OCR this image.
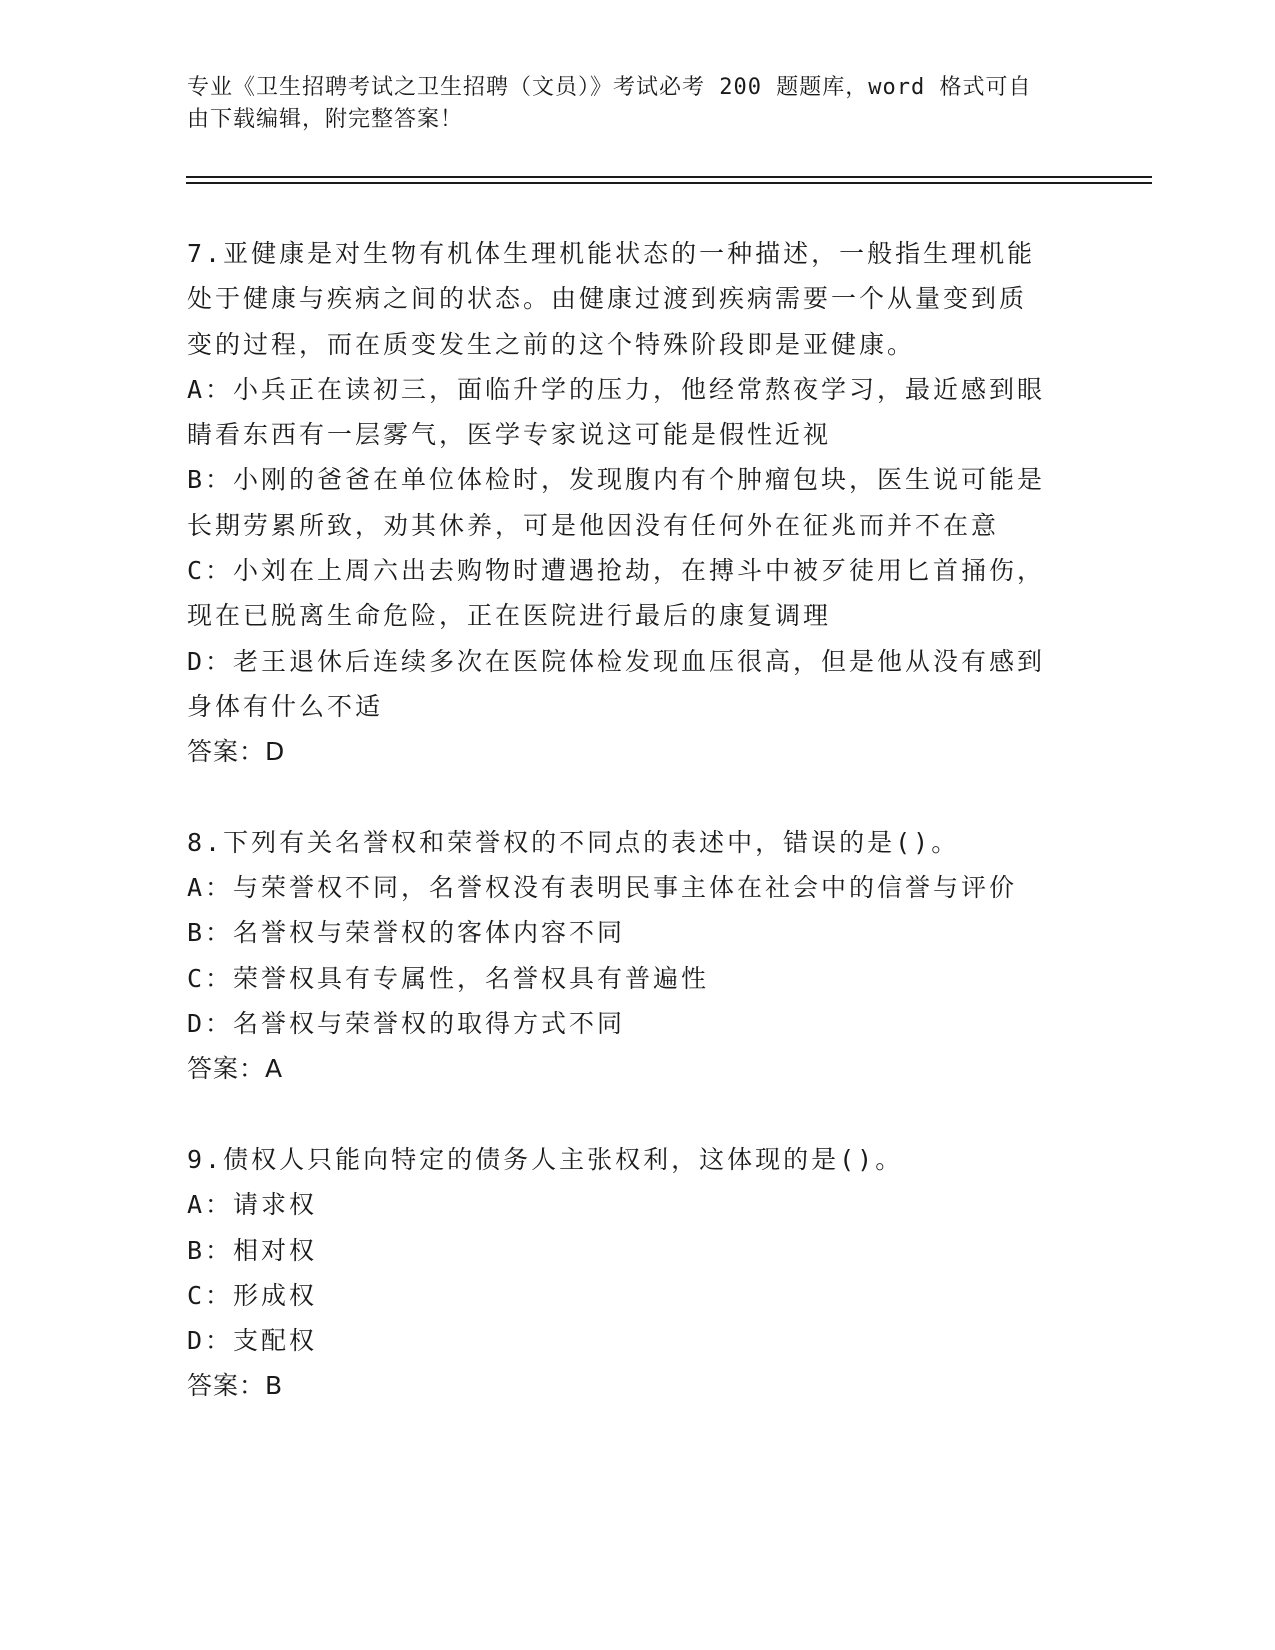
专业《卫生招聘考试之卫生招聘（文员）》考试必考 200 题题库，word 格式可自
由下载编辑，附完整答案！
7.亚健康是对生物有机体生理机能状态的一种描述，一般指生理机能
处于健康与疾病之间的状态。由健康过渡到疾病需要一个从量变到质
变的过程，而在质变发生之前的这个特殊阶段即是亚健康。
A：小兵正在读初三，面临升学的压力，他经常熬夜学习，最近感到眼
睛看东西有一层雾气，医学专家说这可能是假性近视
B：小刚的爸爸在单位体检时，发现腹内有个肿瘤包块，医生说可能是
长期劳累所致，劝其休养，可是他因没有任何外在征兆而并不在意
C：小刘在上周六出去购物时遭遇抢劫，在搏斗中被歹徒用匕首捅伤，
现在已脱离生命危险，正在医院进行最后的康复调理
D：老王退休后连续多次在医院体检发现血压很高，但是他从没有感到
身体有什么不适
答案：D
8.下列有关名誉权和荣誉权的不同点的表述中，错误的是()。
A：与荣誉权不同，名誉权没有表明民事主体在社会中的信誉与评价
B：名誉权与荣誉权的客体内容不同
C：荣誉权具有专属性，名誉权具有普遍性
D：名誉权与荣誉权的取得方式不同
答案：A
9.债权人只能向特定的债务人主张权利，这体现的是()。
A：请求权
B：相对权
C：形成权
D：支配权
答案：B
